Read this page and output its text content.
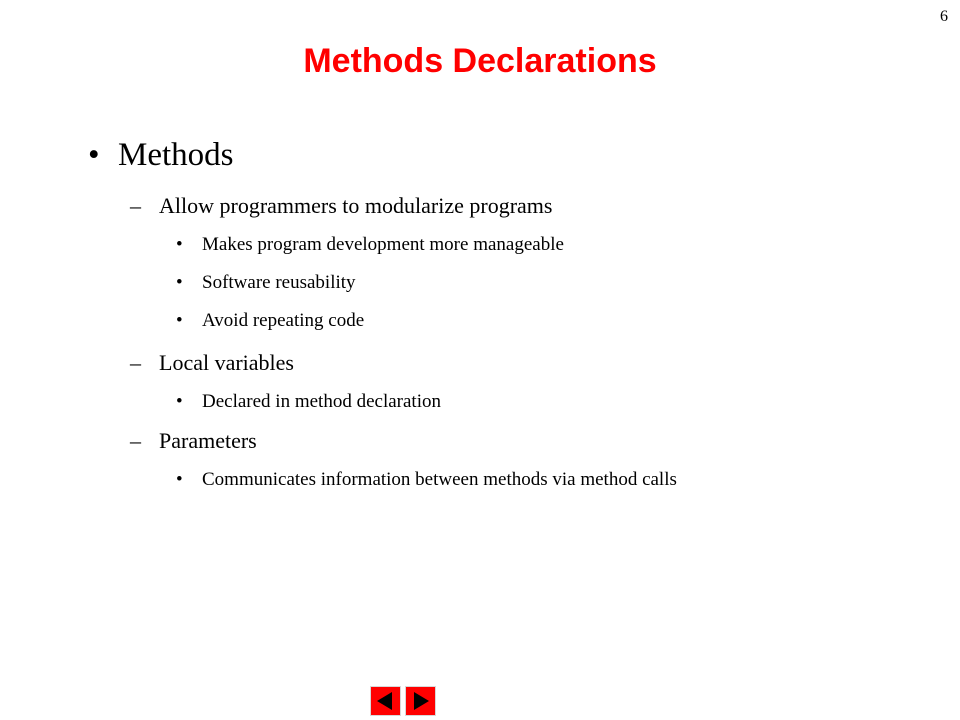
6
Methods Declarations
• Methods
– Allow programmers to modularize programs
• Makes program development more manageable
• Software reusability
• Avoid repeating code
– Local variables
• Declared in method declaration
– Parameters
• Communicates information between methods via method calls
